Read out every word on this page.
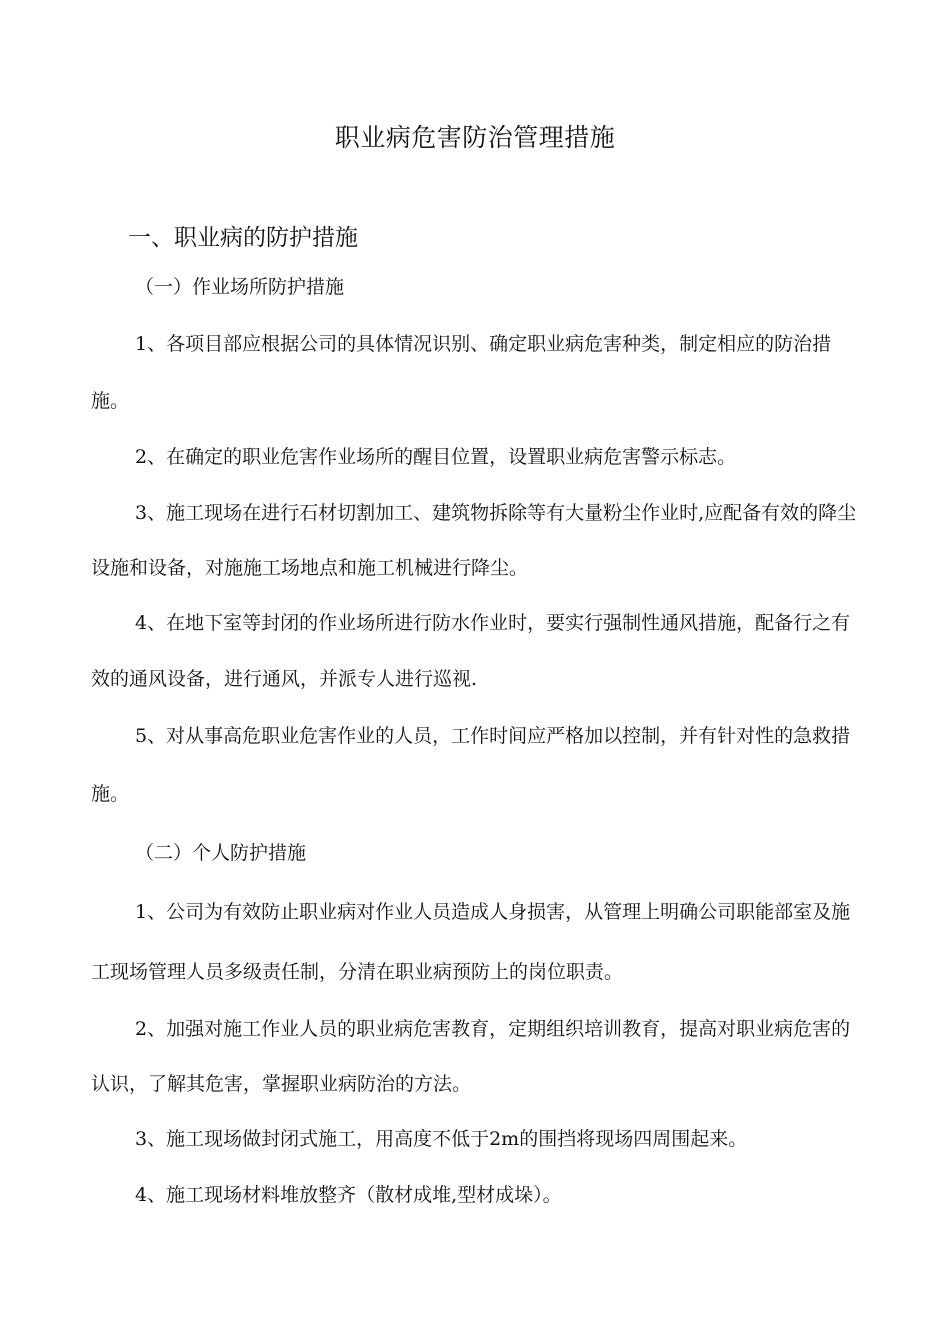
职业病危害防治管理措施
一、职业病的防护措施
（一）作业场所防护措施
1、各项目部应根据公司的具体情况识别、确定职业病危害种类，制定相应的防治措
施。
2、在确定的职业危害作业场所的醒目位置，设置职业病危害警示标志。
3、施工现场在进行石材切割加工、建筑物拆除等有大量粉尘作业时,应配备有效的降尘
设施和设备，对施施工场地点和施工机械进行降尘。
4、在地下室等封闭的作业场所进行防水作业时，要实行强制性通风措施，配备行之有
效的通风设备，进行通风，并派专人进行巡视.
5、对从事高危职业危害作业的人员，工作时间应严格加以控制，并有针对性的急救措
施。
（二）个人防护措施
1、公司为有效防止职业病对作业人员造成人身损害，从管理上明确公司职能部室及施
工现场管理人员多级责任制，分清在职业病预防上的岗位职责。
2、加强对施工作业人员的职业病危害教育，定期组织培训教育，提高对职业病危害的
认识，了解其危害，掌握职业病防治的方法。
3、施工现场做封闭式施工，用高度不低于2m的围挡将现场四周围起来。
4、施工现场材料堆放整齐（散材成堆,型材成垛）。
